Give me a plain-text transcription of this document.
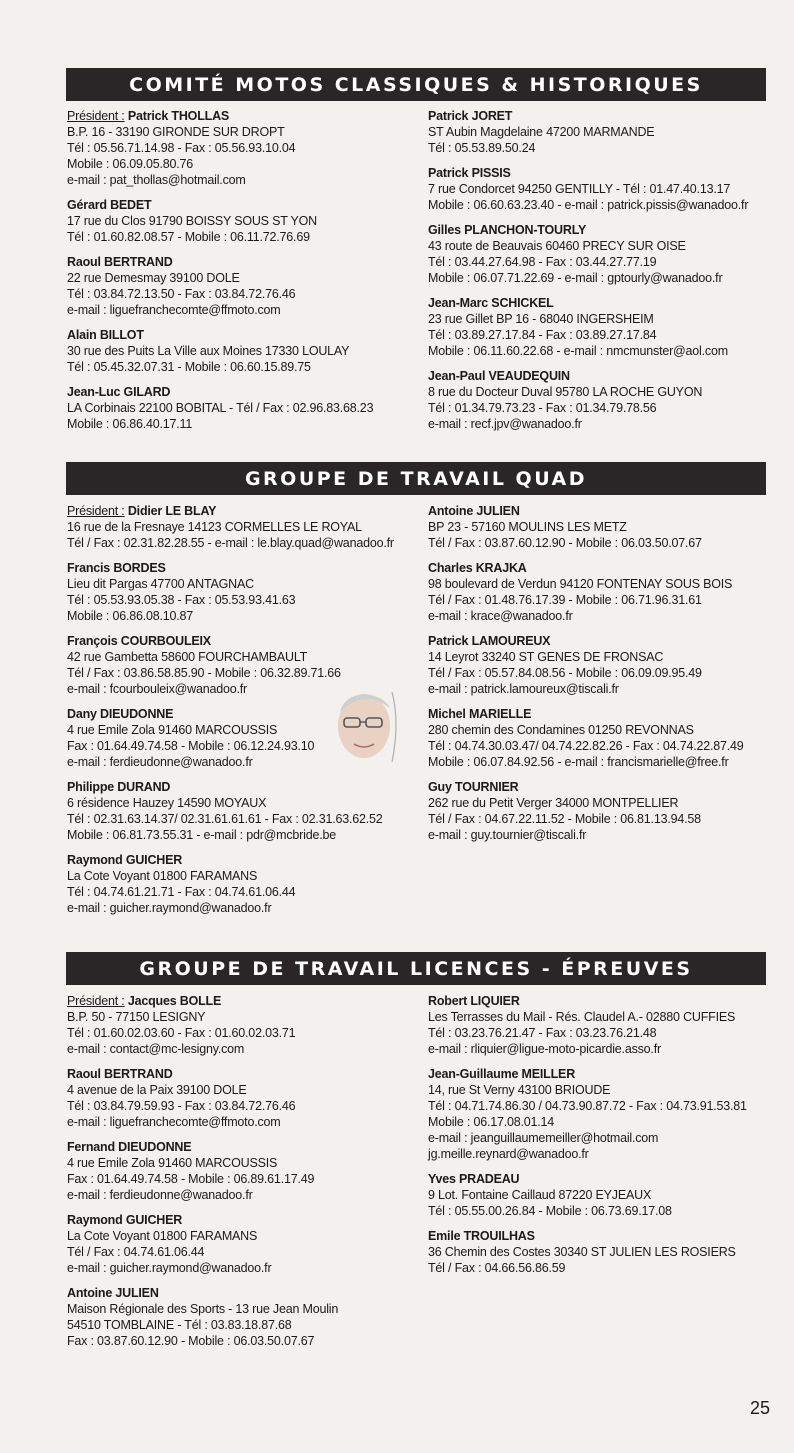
COMITÉ MOTOS CLASSIQUES & HISTORIQUES
Président : Patrick THOLLAS
B.P. 16 - 33190 GIRONDE SUR DROPT
Tél : 05.56.71.14.98 - Fax : 05.56.93.10.04
Mobile : 06.09.05.80.76
e-mail : pat_thollas@hotmail.com
Gérard BEDET
17 rue du Clos 91790 BOISSY SOUS ST YON
Tél : 01.60.82.08.57 - Mobile : 06.11.72.76.69
Raoul BERTRAND
22 rue Demesmay 39100 DOLE
Tél : 03.84.72.13.50 - Fax : 03.84.72.76.46
e-mail : liguefranchecomte@ffmoto.com
Alain BILLOT
30 rue des Puits La Ville aux Moines 17330 LOULAY
Tél : 05.45.32.07.31 - Mobile : 06.60.15.89.75
Jean-Luc GILARD
LA Corbinais 22100 BOBITAL - Tél / Fax : 02.96.83.68.23
Mobile : 06.86.40.17.11
Patrick JORET
ST Aubin Magdelaine 47200 MARMANDE
Tél : 05.53.89.50.24
Patrick PISSIS
7 rue Condorcet 94250 GENTILLY - Tél : 01.47.40.13.17
Mobile : 06.60.63.23.40 - e-mail : patrick.pissis@wanadoo.fr
Gilles PLANCHON-TOURLY
43 route de Beauvais 60460 PRECY SUR OISE
Tél : 03.44.27.64.98 - Fax : 03.44.27.77.19
Mobile : 06.07.71.22.69 - e-mail : gptourly@wanadoo.fr
Jean-Marc SCHICKEL
23 rue Gillet BP 16 - 68040 INGERSHEIM
Tél : 03.89.27.17.84 - Fax : 03.89.27.17.84
Mobile : 06.11.60.22.68 - e-mail : nmcmunster@aol.com
Jean-Paul VEAUDEQUIN
8 rue du Docteur Duval 95780 LA ROCHE GUYON
Tél : 01.34.79.73.23 - Fax : 01.34.79.78.56
e-mail : recf.jpv@wanadoo.fr
GROUPE DE TRAVAIL QUAD
Président : Didier LE BLAY
16 rue de la Fresnaye 14123 CORMELLES LE ROYAL
Tél / Fax : 02.31.82.28.55 - e-mail : le.blay.quad@wanadoo.fr
Francis BORDES
Lieu dit Pargas 47700 ANTAGNAC
Tél : 05.53.93.05.38 - Fax : 05.53.93.41.63
Mobile : 06.86.08.10.87
François COURBOULEIX
42 rue Gambetta 58600 FOURCHAMBAULT
Tél / Fax : 03.86.58.85.90 - Mobile : 06.32.89.71.66
e-mail : fcourbouleix@wanadoo.fr
Dany DIEUDONNE
4 rue Emile Zola 91460 MARCOUSSIS
Fax : 01.64.49.74.58 - Mobile : 06.12.24.93.10
e-mail : ferdieudonne@wanadoo.fr
Philippe DURAND
6 résidence Hauzey 14590 MOYAUX
Tél : 02.31.63.14.37/ 02.31.61.61.61 - Fax : 02.31.63.62.52
Mobile : 06.81.73.55.31 - e-mail : pdr@mcbride.be
Raymond GUICHER
La Cote Voyant 01800 FARAMANS
Tél : 04.74.61.21.71 - Fax : 04.74.61.06.44
e-mail : guicher.raymond@wanadoo.fr
Antoine JULIEN
BP 23 - 57160 MOULINS LES METZ
Tél / Fax : 03.87.60.12.90 - Mobile : 06.03.50.07.67
Charles KRAJKA
98 boulevard de Verdun 94120 FONTENAY SOUS BOIS
Tél / Fax : 01.48.76.17.39 - Mobile : 06.71.96.31.61
e-mail : krace@wanadoo.fr
Patrick LAMOUREUX
14 Leyrot 33240 ST GENES DE FRONSAC
Tél / Fax : 05.57.84.08.56 - Mobile : 06.09.09.95.49
e-mail : patrick.lamoureux@tiscali.fr
Michel MARIELLE
280 chemin des Condamines 01250 REVONNAS
Tél : 04.74.30.03.47/ 04.74.22.82.26 - Fax : 04.74.22.87.49
Mobile : 06.07.84.92.56 - e-mail : francismarielle@free.fr
Guy TOURNIER
262 rue du Petit Verger 34000 MONTPELLIER
Tél / Fax : 04.67.22.11.52 - Mobile : 06.81.13.94.58
e-mail : guy.tournier@tiscali.fr
GROUPE DE TRAVAIL LICENCES - ÉPREUVES
Président : Jacques BOLLE
B.P. 50 - 77150 LESIGNY
Tél : 01.60.02.03.60 - Fax : 01.60.02.03.71
e-mail : contact@mc-lesigny.com
Raoul BERTRAND
4 avenue de la Paix 39100 DOLE
Tél : 03.84.79.59.93 - Fax : 03.84.72.76.46
e-mail : liguefranchecomte@ffmoto.com
Fernand DIEUDONNE
4 rue Emile Zola 91460 MARCOUSSIS
Fax : 01.64.49.74.58 - Mobile : 06.89.61.17.49
e-mail : ferdieudonne@wanadoo.fr
Raymond GUICHER
La Cote Voyant 01800 FARAMANS
Tél / Fax : 04.74.61.06.44
e-mail : guicher.raymond@wanadoo.fr
Antoine JULIEN
Maison Régionale des Sports - 13 rue Jean Moulin
54510 TOMBLAINE - Tél : 03.83.18.87.68
Fax : 03.87.60.12.90 - Mobile : 06.03.50.07.67
Robert LIQUIER
Les Terrasses du Mail - Rés. Claudel A.- 02880 CUFFIES
Tél : 03.23.76.21.47 - Fax : 03.23.76.21.48
e-mail : rliquier@ligue-moto-picardie.asso.fr
Jean-Guillaume MEILLER
14, rue St Verny 43100 BRIOUDE
Tél : 04.71.74.86.30 / 04.73.90.87.72 - Fax : 04.73.91.53.81
Mobile : 06.17.08.01.14
e-mail : jeanguillaumemeiller@hotmail.com
jg.meille.reynard@wanadoo.fr
Yves PRADEAU
9 Lot. Fontaine Caillaud 87220 EYJEAUX
Tél : 05.55.00.26.84 - Mobile : 06.73.69.17.08
Emile TROUILHAS
36 Chemin des Costes 30340 ST JULIEN LES ROSIERS
Tél / Fax : 04.66.56.86.59
25
